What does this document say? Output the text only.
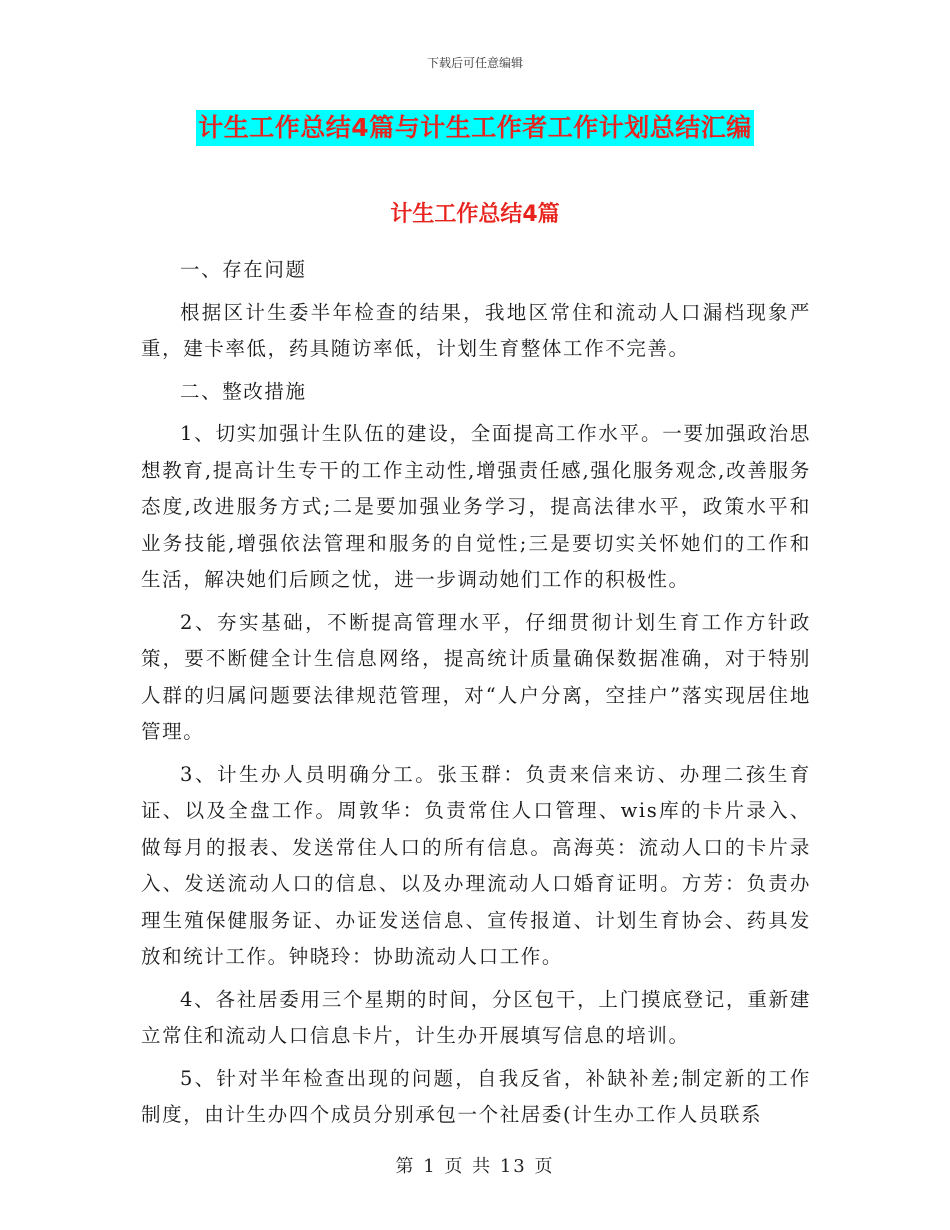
下载后可任意编辑
计生工作总结4篇与计生工作者工作计划总结汇编
计生工作总结4篇

一、存在问题

根据区计生委半年检查的结果，我地区常住和流动人口漏档现象严重，建卡率低，药具随访率低，计划生育整体工作不完善。

二、整改措施

1、切实加强计生队伍的建设，全面提高工作水平。一要加强政治思想教育,提高计生专干的工作主动性,增强责任感,强化服务观念,改善服务态度,改进服务方式;二是要加强业务学习，提高法律水平，政策水平和业务技能,增强依法管理和服务的自觉性;三是要切实关怀她们的工作和生活，解决她们后顾之忧，进一步调动她们工作的积极性。

2、夯实基础，不断提高管理水平，仔细贯彻计划生育工作方针政策，要不断健全计生信息网络，提高统计质量确保数据准确，对于特别人群的归属问题要法律规范管理，对“人户分离，空挂户”落实现居住地管理。

3、计生办人员明确分工。张玉群：负责来信来访、办理二孩生育证、以及全盘工作。周敦华：负责常住人口管理、wis库的卡片录入、做每月的报表、发送常住人口的所有信息。高海英：流动人口的卡片录入、发送流动人口的信息、以及办理流动人口婚育证明。方芳：负责办理生殖保健服务证、办证发送信息、宣传报道、计划生育协会、药具发放和统计工作。钟晓玲：协助流动人口工作。

4、各社居委用三个星期的时间，分区包干，上门摸底登记，重新建立常住和流动人口信息卡片，计生办开展填写信息的培训。

5、针对半年检查出现的问题，自我反省，补缺补差;制定新的工作制度，由计生办四个成员分别承包一个社居委(计生办工作人员联系

第 1 页 共 13 页
